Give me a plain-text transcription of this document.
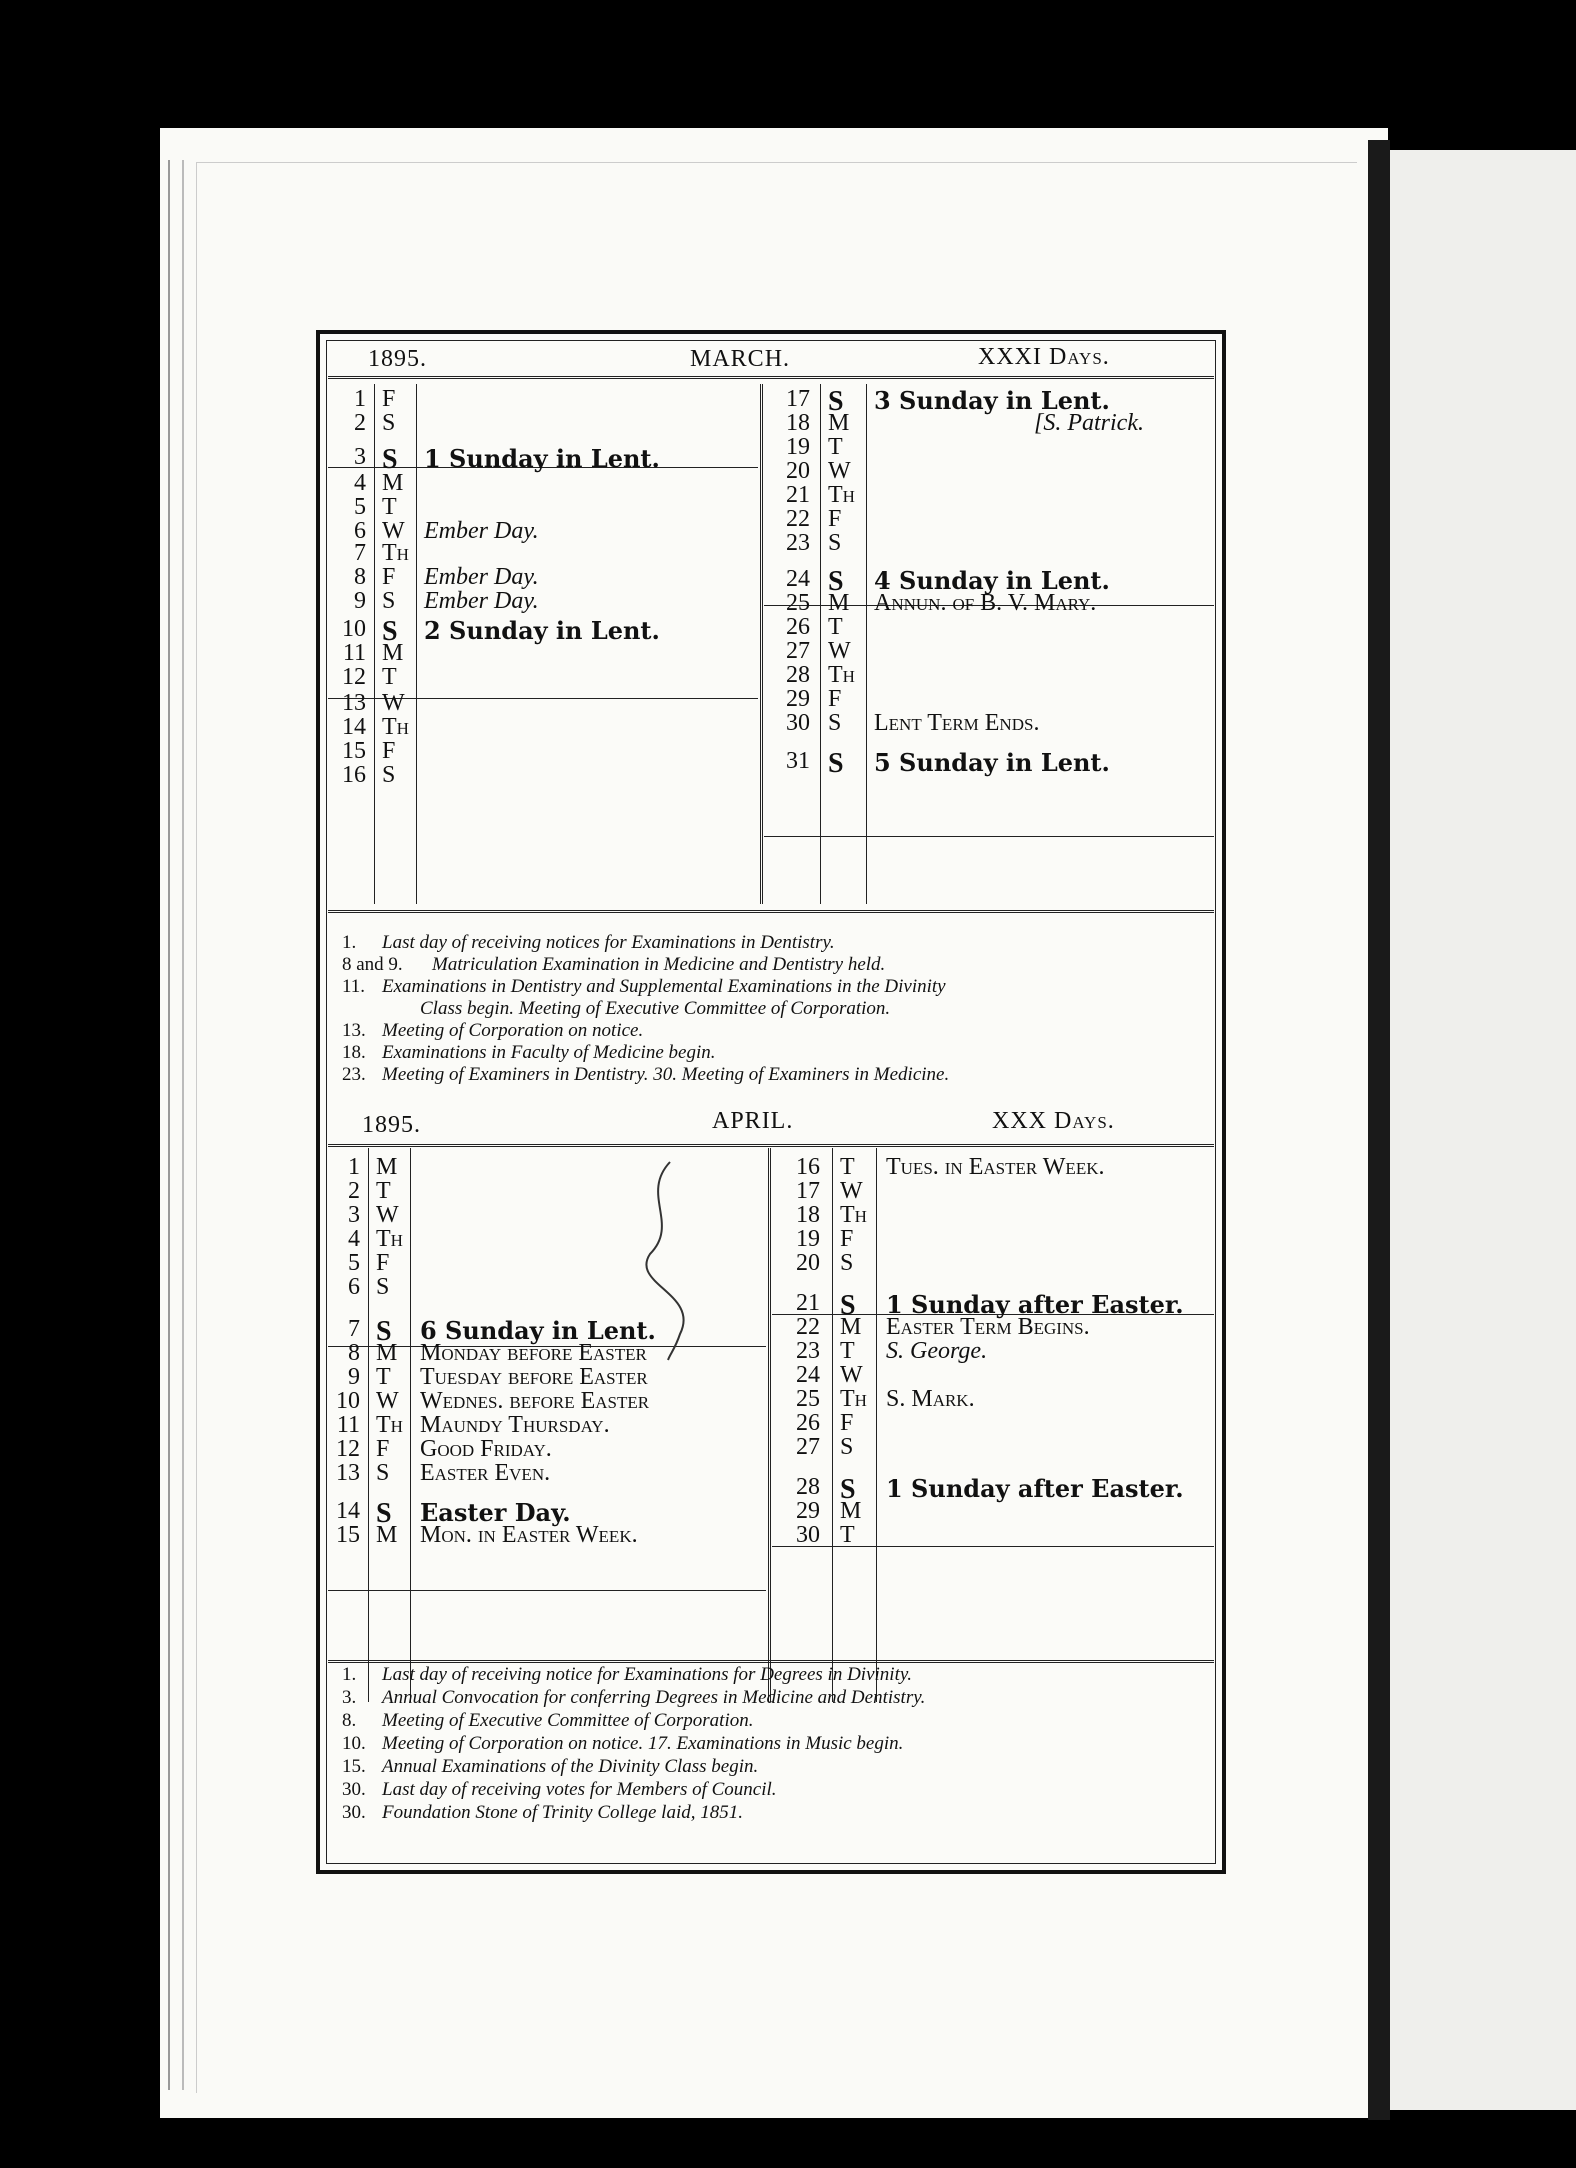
1895.	MARCH.	XXXI Days.
1 F
2 S
3 S 1 Sunday in Lent.
4 M
5 T
6 W Ember Day.
7 TH
8 F Ember Day.
9 S Ember Day.
10 S 2 Sunday in Lent.
11 M
12 T
13 W
14 TH
15 F
16 S
17 S 3 Sunday in Lent.
18 M	[S. Patrick.
19 T
20 W
21 TH
22 F
23 S
24 S 4 Sunday in Lent.
25 M Annun. of B. V. Mary.
26 T
27 W
28 TH
29 F
30 S Lent Term Ends.
31 S 5 Sunday in Lent.
1. Last day of receiving notices for Examinations in Dentistry.
8 and 9. Matriculation Examination in Medicine and Dentistry held.
11. Examinations in Dentistry and Supplemental Examinations in the Divinity
Class begin. Meeting of Executive Committee of Corporation.
13. Meeting of Corporation on notice.
18. Examinations in Faculty of Medicine begin.
23. Meeting of Examiners in Dentistry. 30. Meeting of Examiners in Medicine.
1895.	APRIL.	XXX Days.
1 M
2 T
3 W
4 TH
5 F
6 S
7 S 6 Sunday in Lent.
8 M Monday before Easter
9 T Tuesday before Easter
10 W Wednes. before Easter
11 TH Maundy Thursday.
12 F Good Friday.
13 S Easter Even.
14 S Easter Day.
15 M Mon. in Easter Week.
16 T Tues. in Easter Week.
17 W
18 TH
19 F
20 S
21 S 1 Sunday after Easter.
22 M Easter Term Begins.
23 T S. George.
24 W
25 TH S. Mark.
26 F
27 S
28 S 1 Sunday after Easter.
29 M
30 T
1. Last day of receiving notice for Examinations for Degrees in Divinity.
3. Annual Convocation for conferring Degrees in Medicine and Dentistry.
8. Meeting of Executive Committee of Corporation.
10. Meeting of Corporation on notice. 17. Examinations in Music begin.
15. Annual Examinations of the Divinity Class begin.
30. Last day of receiving votes for Members of Council.
30. Foundation Stone of Trinity College laid, 1851.
